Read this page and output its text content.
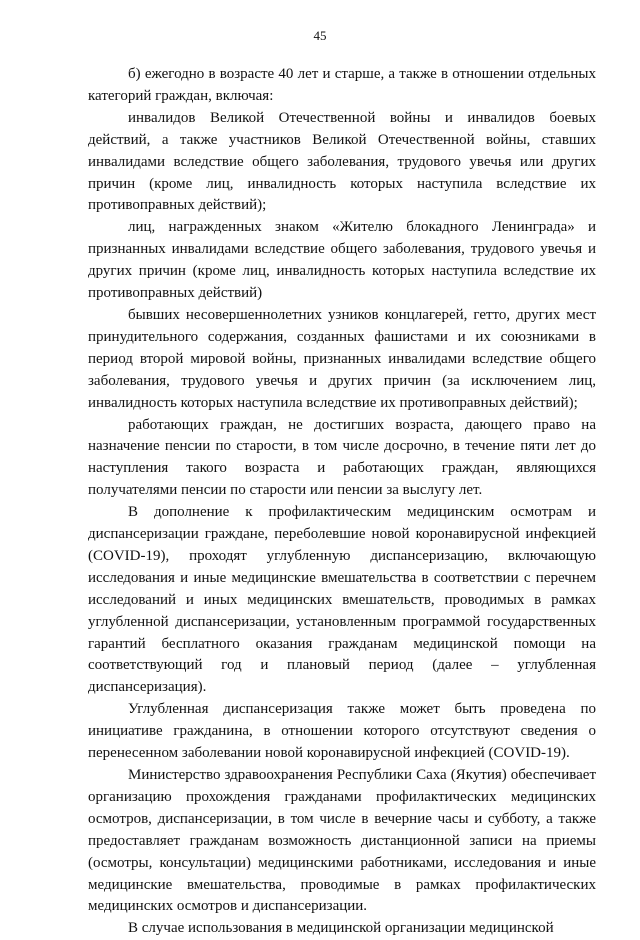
45

б) ежегодно в возрасте 40 лет и старше, а также в отношении отдельных категорий граждан, включая:

инвалидов Великой Отечественной войны и инвалидов боевых действий, а также участников Великой Отечественной войны, ставших инвалидами вследствие общего заболевания, трудового увечья или других причин (кроме лиц, инвалидность которых наступила вследствие их противоправных действий);

лиц, награжденных знаком «Жителю блокадного Ленинграда» и признанных инвалидами вследствие общего заболевания, трудового увечья и других причин (кроме лиц, инвалидность которых наступила вследствие их противоправных действий)

бывших несовершеннолетних узников концлагерей, гетто, других мест принудительного содержания, созданных фашистами и их союзниками в период второй мировой войны, признанных инвалидами вследствие общего заболевания, трудового увечья и других причин (за исключением лиц, инвалидность которых наступила вследствие их противоправных действий);

работающих граждан, не достигших возраста, дающего право на назначение пенсии по старости, в том числе досрочно, в течение пяти лет до наступления такого возраста и работающих граждан, являющихся получателями пенсии по старости или пенсии за выслугу лет.

В дополнение к профилактическим медицинским осмотрам и диспансеризации граждане, переболевшие новой коронавирусной инфекцией (COVID-19), проходят углубленную диспансеризацию, включающую исследования и иные медицинские вмешательства в соответствии с перечнем исследований и иных медицинских вмешательств, проводимых в рамках углубленной диспансеризации, установленным программой государственных гарантий бесплатного оказания гражданам медицинской помощи на соответствующий год и плановый период (далее – углубленная диспансеризация).

Углубленная диспансеризация также может быть проведена по инициативе гражданина, в отношении которого отсутствуют сведения о перенесенном заболевании новой коронавирусной инфекцией (COVID-19).

Министерство здравоохранения Республики Саха (Якутия) обеспечивает организацию прохождения гражданами профилактических медицинских осмотров, диспансеризации, в том числе в вечерние часы и субботу, а также предоставляет гражданам возможность дистанционной записи на приемы (осмотры, консультации) медицинскими работниками, исследования и иные медицинские вмешательства, проводимые в рамках профилактических медицинских осмотров и диспансеризации.

В случае использования в медицинской организации медицинской
